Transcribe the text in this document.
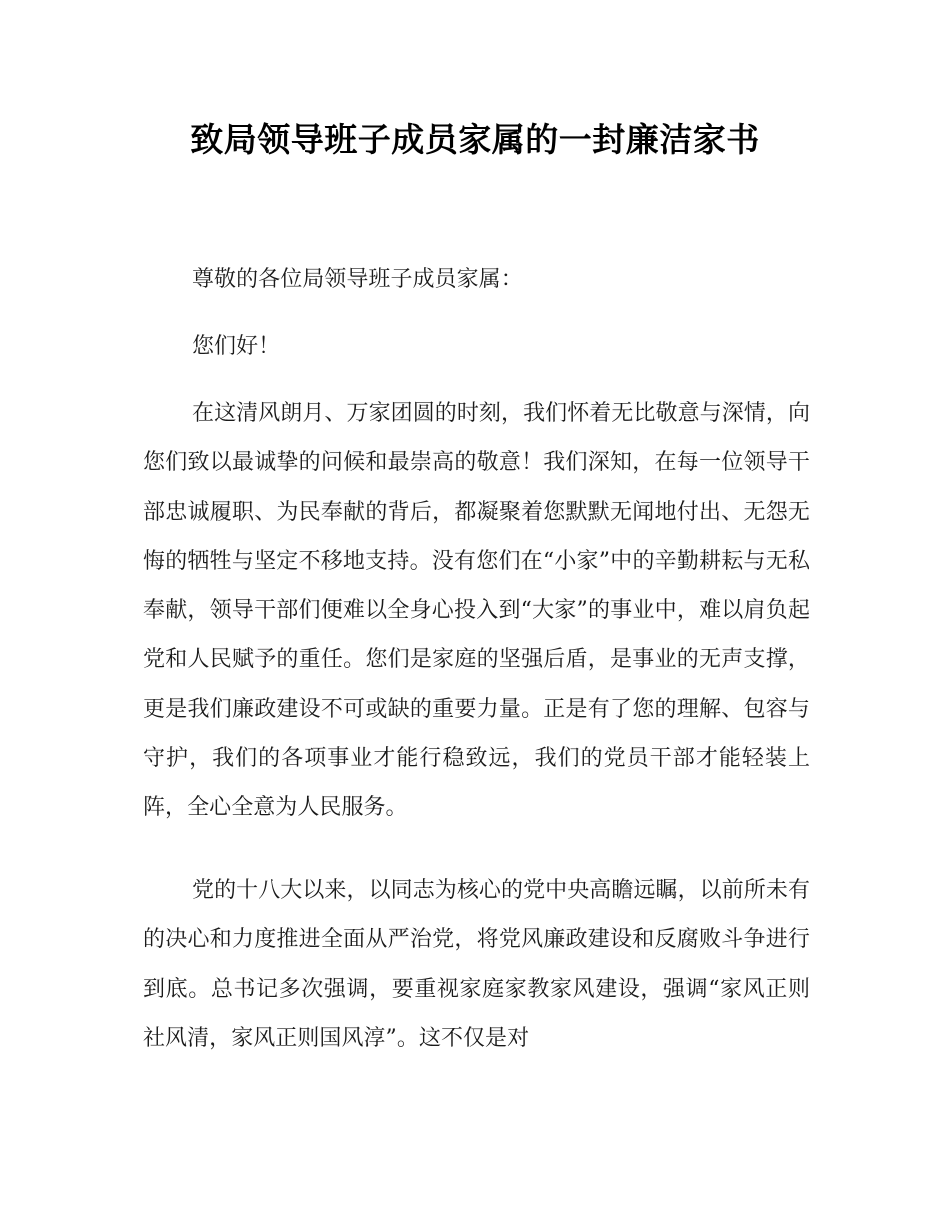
致局领导班子成员家属的一封廉洁家书

尊敬的各位局领导班子成员家属：

您们好！

在这清风朗月、万家团圆的时刻，我们怀着无比敬意与深情，向您们致以最诚挚的问候和最崇高的敬意！我们深知，在每一位领导干部忠诚履职、为民奉献的背后，都凝聚着您默默无闻地付出、无怨无悔的牺牲与坚定不移地支持。没有您们在“小家”中的辛勤耕耘与无私奉献，领导干部们便难以全身心投入到“大家”的事业中，难以肩负起党和人民赋予的重任。您们是家庭的坚强后盾，是事业的无声支撑，更是我们廉政建设不可或缺的重要力量。正是有了您的理解、包容与守护，我们的各项事业才能行稳致远，我们的党员干部才能轻装上阵，全心全意为人民服务。

党的十八大以来，以同志为核心的党中央高瞻远瞩，以前所未有的决心和力度推进全面从严治党，将党风廉政建设和反腐败斗争进行到底。总书记多次强调，要重视家庭家教家风建设，强调“家风正则社风清，家风正则国风淳”。这不仅是对
